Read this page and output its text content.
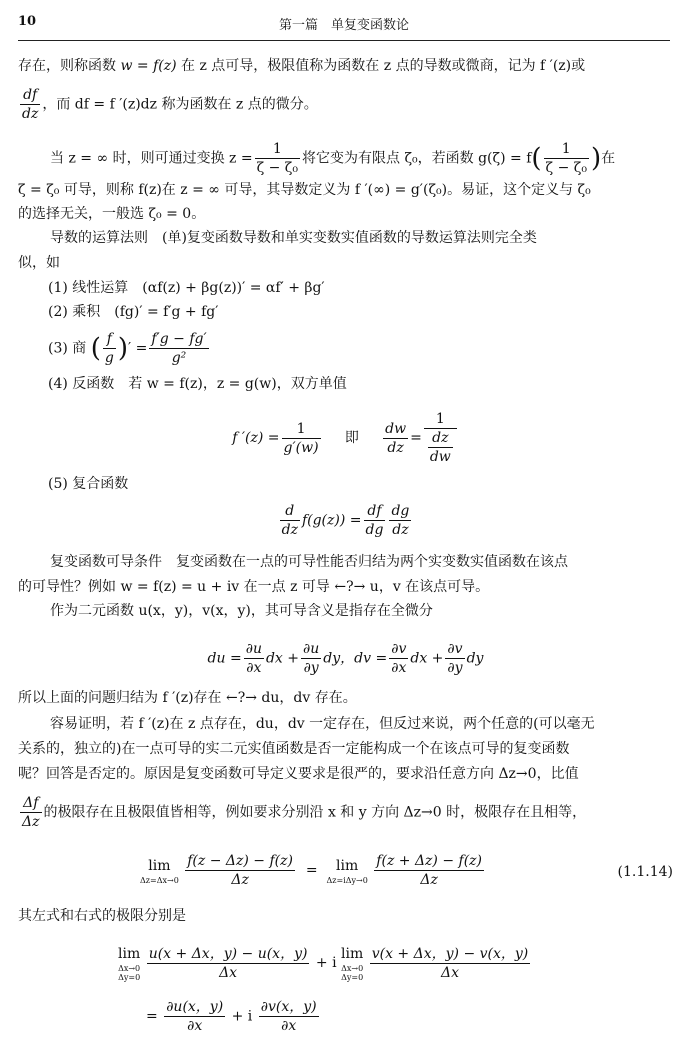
10	第一篇　单复变函数论
存在，则称函数 w = f(z) 在 z 点可导，极限值称为函数在 z 点的导数或微商，记为 f ′(z)或
$\frac{df}{dz}$ ，而 df = f ′(z)dz 称为函数在 z 点的微分。
当 z = ∞ 时，则可通过变换 $z = \frac{1}{\text{ζ − ζ₀}}$ 将它变为有限点 ζ₀，若函数 $g(\zeta) = f( \frac{1}{\text{ζ − ζ₀}}$ )在
ζ = ζ₀ 可导，则称 f(z)在 z = ∞ 可导，其导数定义为 f ′(∞) = g′(ζ₀)。易证，这个定义与 ζ₀
的选择无关，一般选 ζ₀ = 0。
导数的运算法则　(单)复变函数导数和单实变数实值函数的导数运算法则完全类
似，如
(1) 线性运算　(αf(z) + βg(z))′ = αf′ + βg′
(2) 乘积　(fg)′ = f′g + fg′
(3) 商 ( $\frac{f}{g}$ )′ = $\frac{f'g - fg'}{\text{g²}}$
(4) 反函数　若 w = f(z)，z = g(w)，双方单值
f $'(z) = \frac{1}{g'(w)}$ 即 $\frac{dw}{dz} = \frac{1}{\frac{dz}{dw}}$
(5) 复合函数
$\frac{d}{dz} f(g(z)) = \frac{df}{dg} \frac{dg}{dz}$
复变函数可导条件　复变函数在一点的可导性能否归结为两个实变数实值函数在该点
的可导性？例如 w = f(z) = u + iv 在一点 z 可导 ←?→ u，v 在该点可导。
作为二元函数 u(x，y)，v(x，y)，其可导含义是指存在全微分
du = $\frac{\partial u}{\partial x}$ dx + $\frac{\partial u}{\partial y}$ dy，dv = $\frac{\partial v}{\partial x}$ dx + $\frac{\partial v}{\partial y}$ dy
所以上面的问题归结为 f ′(z)存在 ←?→ du，dv 存在。
容易证明，若 f ′(z)在 z 点存在，du，dv 一定存在，但反过来说，两个任意的(可以毫无
关系的，独立的)在一点可导的实二元实值函数是否一定能构成一个在该点可导的复变函数
呢？回答是否定的。原因是复变函数可导定义要求是很严的，要求沿任意方向 Δz→0，比值
$\frac{\Delta f}{\Delta z}$ 的极限存在且极限值皆相等，例如要求分别沿 x 和 y 方向 Δz→0 时，极限存在且相等，
lim
Δz=Δx→0
$\frac{f(z - \Delta z) - f(z)}{\Delta z}$ =	lim
Δz=iΔy→0
$\frac{f(z + \Delta z) - f(z)}{\Delta z}$	(1.1.14)
其左式和右式的极限分别是
lim
Δx→0
Δy=0
$\frac{u(x + \Delta x,y) - u(x,y)}{\Delta x} + i$
lim
Δx→0
Δy=0
$\frac{v(x + \Delta x,y) - v(x,y)}{\Delta x}$
= $\frac{\partial u(x,y)}{\partial x} + i \frac{\partial v(x,y)}{\partial x}$
